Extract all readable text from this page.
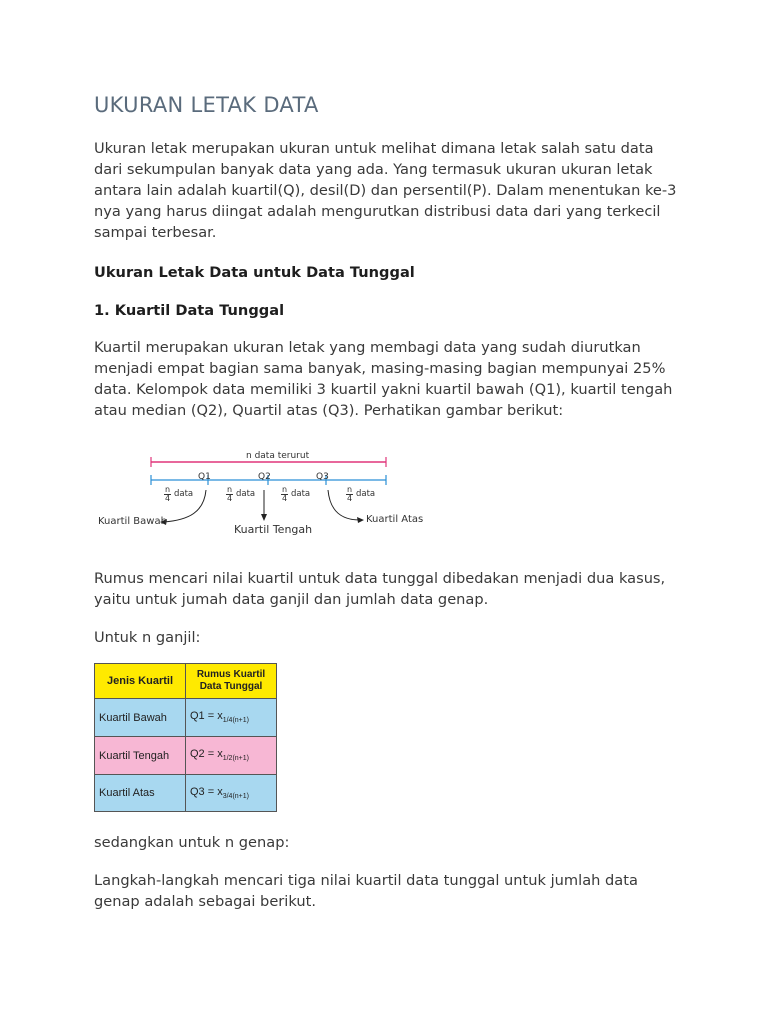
UKURAN LETAK DATA

Ukuran letak merupakan ukuran untuk melihat dimana letak salah satu data dari sekumpulan banyak data yang ada. Yang termasuk ukuran ukuran letak antara lain adalah kuartil(Q), desil(D) dan persentil(P). Dalam menentukan ke-3 nya yang harus diingat adalah mengurutkan distribusi data dari yang terkecil sampai terbesar.

Ukuran Letak Data untuk Data Tunggal

1. Kuartil Data Tunggal

Kuartil merupakan ukuran letak yang membagi data yang sudah diurutkan menjadi empat bagian sama banyak, masing-masing bagian mempunyai 25% data. Kelompok data memiliki 3 kuartil yakni kuartil bawah (Q1), kuartil tengah atau median (Q2), Quartil atas (Q3). Perhatikan gambar berikut:

n data terurut
Q1	Q2	Q3
$\frac{n}{4}$ data	$\frac{n}{4}$ data	$\frac{n}{4}$ data	$\frac{n}{4}$ data
Kuartil Bawah
Kuartil Tengah
Kuartil Atas

Rumus mencari nilai kuartil untuk data tunggal dibedakan menjadi dua kasus, yaitu untuk jumah data ganjil dan jumlah data genap.

Untuk n ganjil:

Jenis Kuartil	Rumus Kuartil Data Tunggal
Kuartil Bawah	$Q1 = x_{1/4(n+1)}$
Kuartil Tengah	$Q2 = x_{1/2(n+1)}$
Kuartil Atas	$Q3 = x_{3/4(n+1)}$

sedangkan untuk n genap:

Langkah-langkah mencari tiga nilai kuartil data tunggal untuk jumlah data genap adalah sebagai berikut.
